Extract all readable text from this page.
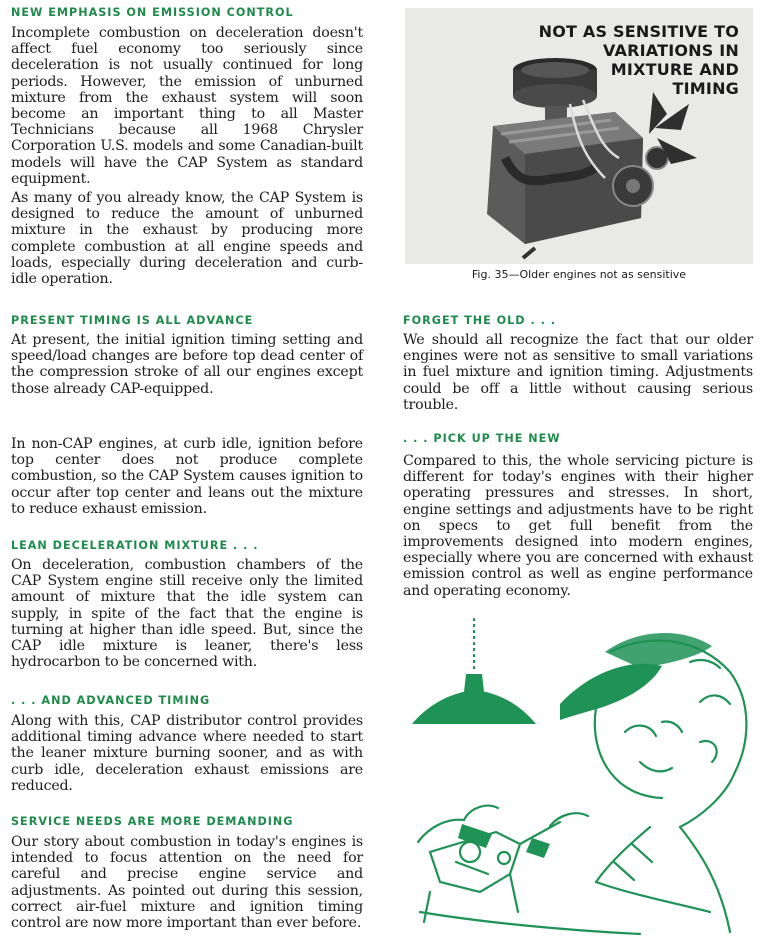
NEW EMPHASIS ON EMISSION CONTROL

Incomplete combustion on deceleration doesn't affect fuel economy too seriously since deceleration is not usually continued for long periods. However, the emission of unburned mixture from the exhaust system will soon become an important thing to all Master Technicians because all 1968 Chrysler Corporation U.S. models and some Canadian-built models will have the CAP System as standard equipment.

As many of you already know, the CAP System is designed to reduce the amount of unburned mixture in the exhaust by producing more complete combustion at all engine speeds and loads, especially during deceleration and curb-idle operation.

PRESENT TIMING IS ALL ADVANCE

At present, the initial ignition timing setting and speed/load changes are before top dead center of the compression stroke of all our engines except those already CAP-equipped.

In non-CAP engines, at curb idle, ignition before top center does not produce complete combustion, so the CAP System causes ignition to occur after top center and leans out the mixture to reduce exhaust emission.

LEAN DECELERATION MIXTURE . . .

On deceleration, combustion chambers of the CAP System engine still receive only the limited amount of mixture that the idle system can supply, in spite of the fact that the engine is turning at higher than idle speed. But, since the CAP idle mixture is leaner, there's less hydrocarbon to be concerned with.

. . . AND ADVANCED TIMING

Along with this, CAP distributor control provides additional timing advance where needed to start the leaner mixture burning sooner, and as with curb idle, deceleration exhaust emissions are reduced.

SERVICE NEEDS ARE MORE DEMANDING

Our story about combustion in today's engines is intended to focus attention on the need for careful and precise engine service and adjustments. As pointed out during this session, correct air-fuel mixture and ignition timing control are now more important than ever before.

NOT AS SENSITIVE TO VARIATIONS IN
MIXTURE AND
TIMING
Fig. 35—Older engines not as sensitive
FORGET THE OLD . . .

We should all recognize the fact that our older engines were not as sensitive to small variations in fuel mixture and ignition timing. Adjustments could be off a little without causing serious trouble.

. . . PICK UP THE NEW

Compared to this, the whole servicing picture is different for today's engines with their higher operating pressures and stresses. In short, engine settings and adjustments have to be right on specs to get full benefit from the improvements designed into modern engines, especially where you are concerned with exhaust emission control as well as engine performance and operating economy.
